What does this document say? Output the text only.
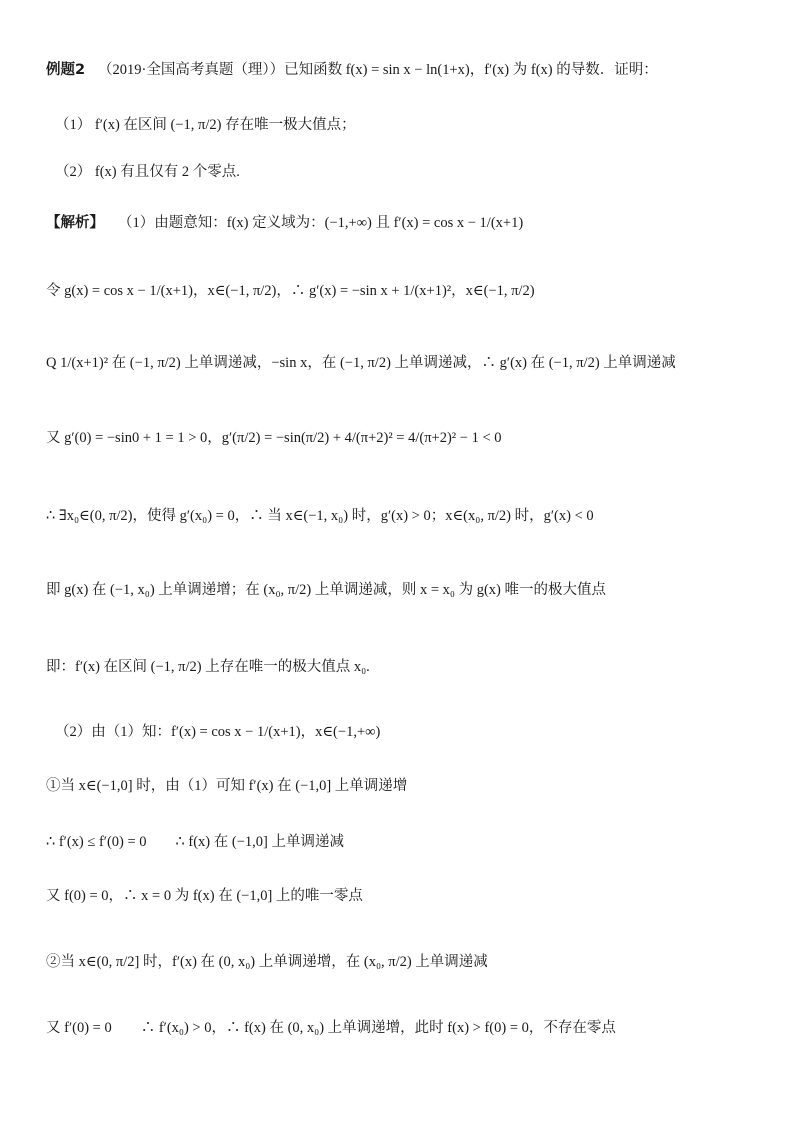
例题2 （2019·全国高考真题（理））已知函数 f(x) = sin x − ln(1+x)，f′(x) 为 f(x) 的导数．证明：
（1） f′(x) 在区间 (−1, π/2) 存在唯一极大值点；
（2） f(x) 有且仅有 2 个零点.
【解析】 （1）由题意知：f(x) 定义域为：(−1,+∞) 且 f′(x) = cos x − 1/(x+1)
令 g(x) = cos x − 1/(x+1)，x∈(−1, π/2)，∴ g′(x) = −sin x + 1/(x+1)²，x∈(−1, π/2)
Q 1/(x+1)² 在 (−1, π/2) 上单调递减，−sin x，在 (−1, π/2) 上单调递减，∴ g′(x) 在 (−1, π/2) 上单调递减
又 g′(0) = −sin0 + 1 = 1 > 0，g′(π/2) = −sin(π/2) + 4/(π+2)² = 4/(π+2)² − 1 < 0
∴ ∃x₀∈(0, π/2)，使得 g′(x₀) = 0，∴ 当 x∈(−1, x₀) 时，g′(x) > 0；x∈(x₀, π/2) 时，g′(x) < 0
即 g(x) 在 (−1, x₀) 上单调递增；在 (x₀, π/2) 上单调递减，则 x = x₀ 为 g(x) 唯一的极大值点
即：f′(x) 在区间 (−1, π/2) 上存在唯一的极大值点 x₀.
（2）由（1）知：f′(x) = cos x − 1/(x+1)，x∈(−1,+∞)
①当 x∈(−1,0] 时，由（1）可知 f′(x) 在 (−1,0] 上单调递增
∴ f′(x) ≤ f′(0) = 0　　∴ f(x) 在 (−1,0] 上单调递减
又 f(0) = 0，∴ x = 0 为 f(x) 在 (−1,0] 上的唯一零点
②当 x∈(0, π/2] 时，f′(x) 在 (0, x₀) 上单调递增，在 (x₀, π/2) 上单调递减
又 f′(0) = 0　　∴ f′(x₀) > 0，∴ f(x) 在 (0, x₀) 上单调递增，此时 f(x) > f(0) = 0，不存在零点
